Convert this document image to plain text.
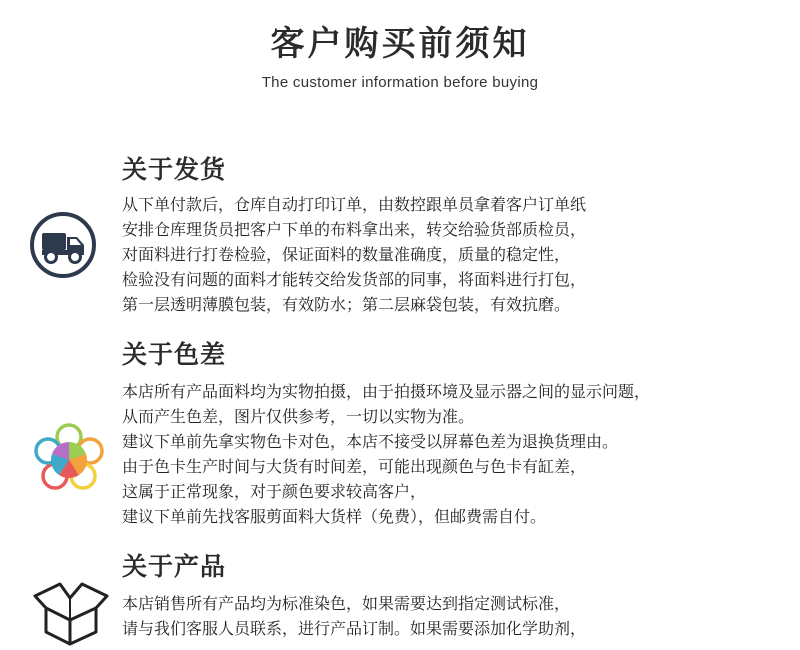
客户购买前须知
The customer information before buying
关于发货

从下单付款后，仓库自动打印订单，由数控跟单员拿着客户订单纸

安排仓库理货员把客户下单的布料拿出来，转交给验货部质检员，

对面料进行打卷检验，保证面料的数量准确度，质量的稳定性，

检验没有问题的面料才能转交给发货部的同事，将面料进行打包，

第一层透明薄膜包装，有效防水；第二层麻袋包装，有效抗磨。

关于色差

本店所有产品面料均为实物拍摄，由于拍摄环境及显示器之间的显示问题，

从而产生色差，图片仅供参考，一切以实物为准。

建议下单前先拿实物色卡对色，本店不接受以屏幕色差为退换货理由。

由于色卡生产时间与大货有时间差，可能出现颜色与色卡有缸差，

这属于正常现象，对于颜色要求较高客户，

建议下单前先找客服剪面料大货样（免费），但邮费需自付。

关于产品

本店销售所有产品均为标准染色，如果需要达到指定测试标准，

请与我们客服人员联系，进行产品订制。如果需要添加化学助剂，
